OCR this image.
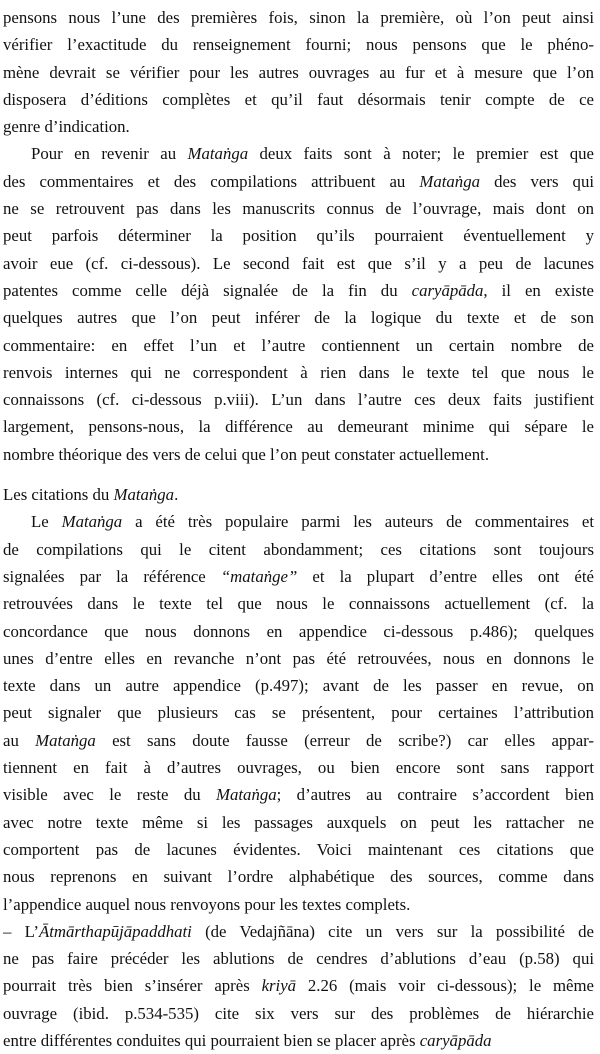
pensons nous l’une des premières fois, sinon la première, où l’on peut ainsi
vérifier l’exactitude du renseignement fourni; nous pensons que le phéno-
mène devrait se vérifier pour les autres ouvrages au fur et à mesure que l’on
disposera d’éditions complètes et qu’il faut désormais tenir compte de ce
genre d’indication.
Pour en revenir au Mataṅga deux faits sont à noter; le premier est que
des commentaires et des compilations attribuent au Mataṅga des vers qui
ne se retrouvent pas dans les manuscrits connus de l’ouvrage, mais dont on
peut parfois déterminer la position qu’ils pourraient éventuellement y
avoir eue (cf. ci-dessous). Le second fait est que s’il y a peu de lacunes
patentes comme celle déjà signalée de la fin du caryāpāda, il en existe
quelques autres que l’on peut inférer de la logique du texte et de son
commentaire: en effet l’un et l’autre contiennent un certain nombre de
renvois internes qui ne correspondent à rien dans le texte tel que nous le
connaissons (cf. ci-dessous p.viii). L’un dans l’autre ces deux faits justifient
largement, pensons-nous, la différence au demeurant minime qui sépare le
nombre théorique des vers de celui que l’on peut constater actuellement.
Les citations du Mataṅga.
Le Mataṅga a été très populaire parmi les auteurs de commentaires et
de compilations qui le citent abondamment; ces citations sont toujours
signalées par la référence “mataṅge” et la plupart d’entre elles ont été
retrouvées dans le texte tel que nous le connaissons actuellement (cf. la
concordance que nous donnons en appendice ci-dessous p.486); quelques
unes d’entre elles en revanche n’ont pas été retrouvées, nous en donnons le
texte dans un autre appendice (p.497); avant de les passer en revue, on
peut signaler que plusieurs cas se présentent, pour certaines l’attribution
au Mataṅga est sans doute fausse (erreur de scribe?) car elles appar-
tiennent en fait à d’autres ouvrages, ou bien encore sont sans rapport
visible avec le reste du Mataṅga; d’autres au contraire s’accordent bien
avec notre texte même si les passages auxquels on peut les rattacher ne
comportent pas de lacunes évidentes. Voici maintenant ces citations que
nous reprenons en suivant l’ordre alphabétique des sources, comme dans
l’appendice auquel nous renvoyons pour les textes complets.
– L’Ātmārthapūjāpaddhati (de Vedajñāna) cite un vers sur la possibilité de
ne pas faire précéder les ablutions de cendres d’ablutions d’eau (p.58) qui
pourrait très bien s’insérer après kriyā 2.26 (mais voir ci-dessous); le même
ouvrage (ibid. p.534-535) cite six vers sur des problèmes de hiérarchie
entre différentes conduites qui pourraient bien se placer après caryāpāda
